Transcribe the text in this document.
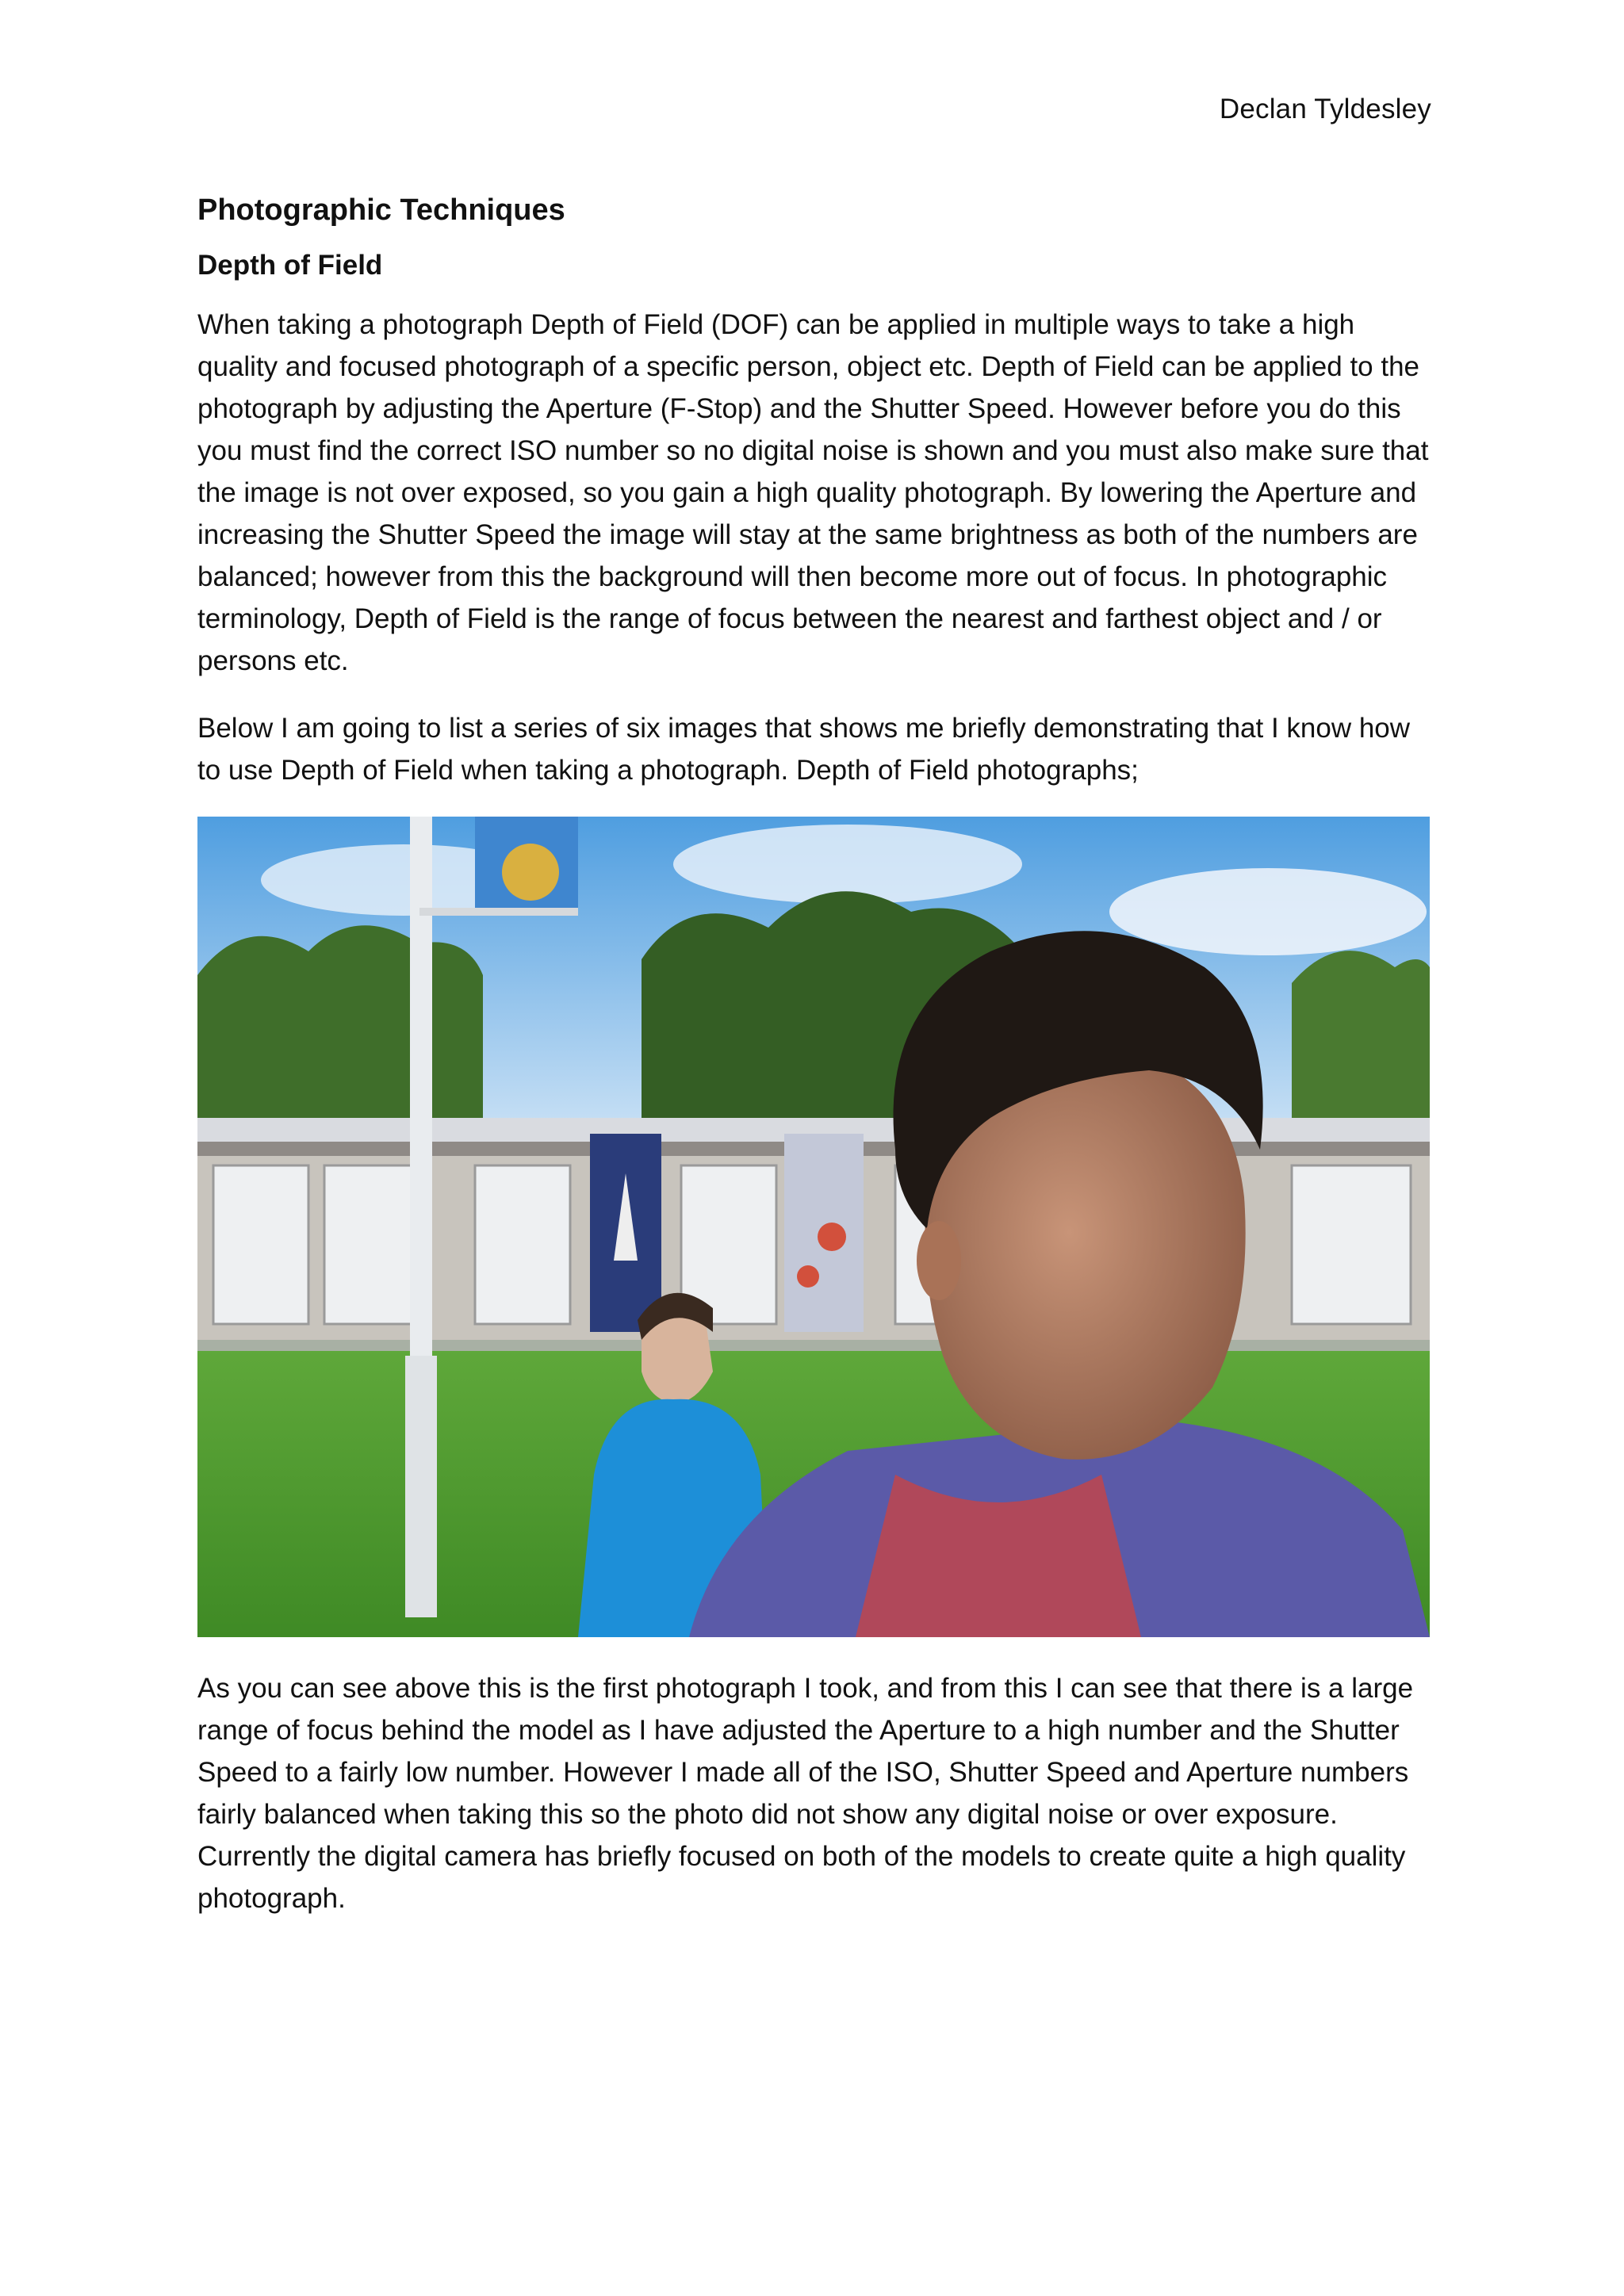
Declan Tyldesley
Photographic Techniques
Depth of Field

When taking a photograph Depth of Field (DOF) can be applied in multiple ways to take a high quality and focused photograph of a specific person, object etc. Depth of Field can be applied to the photograph by adjusting the Aperture (F-Stop) and the Shutter Speed. However before you do this you must find the correct ISO number so no digital noise is shown and you must also make sure that the image is not over exposed, so you gain a high quality photograph. By lowering the Aperture and increasing the Shutter Speed the image will stay at the same brightness as both of the numbers are balanced; however from this the background will then become more out of focus. In photographic terminology, Depth of Field is the range of focus between the nearest and farthest object and / or persons etc.

Below I am going to list a series of six images that shows me briefly demonstrating that I know how to use Depth of Field when taking a photograph. Depth of Field photographs;

As you can see above this is the first photograph I took, and from this I can see that there is a large range of focus behind the model as I have adjusted the Aperture to a high number and the Shutter Speed to a fairly low number. However I made all of the ISO, Shutter Speed and Aperture numbers fairly balanced when taking this so the photo did not show any digital noise or over exposure. Currently the digital camera has briefly focused on both of the models to create quite a high quality photograph.
